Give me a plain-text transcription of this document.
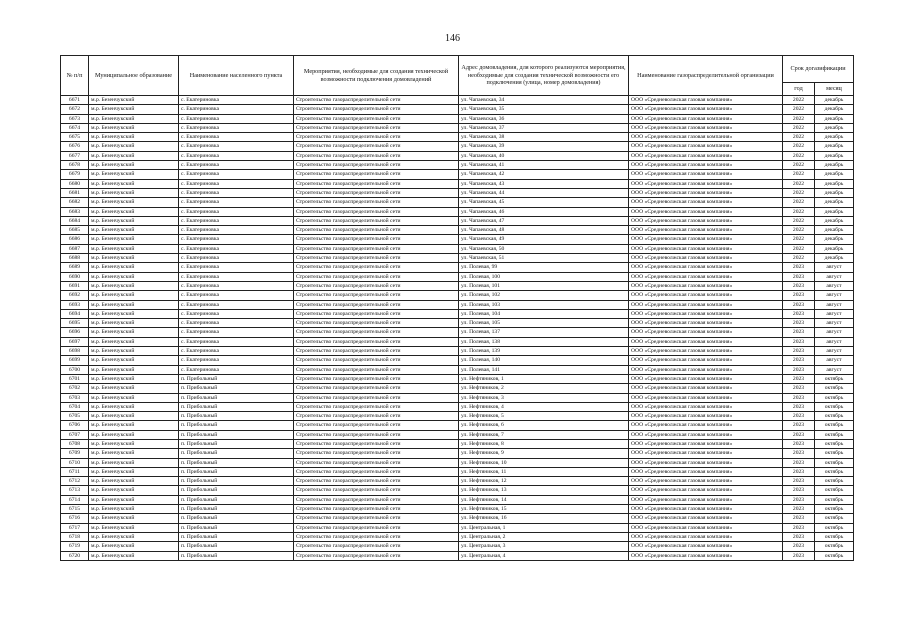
146
№ п/п	Муниципальное образование	Наименование населенного пункта	Мероприятия, необходимые для создания технической возможности подключения домовладений	Адрес домовладения, для которого реализуются мероприятия, необходимые для создания технической возможности его подключения (улица, номер домовладения)	Наименование газораспределительной организации	Срок догазификации	
						год	месяц
6671	м.р. Безенчукский	с. Екатериновка	Строительство газораспределительной сети	ул. Чапаевская, 34	ООО «Средневолжская газовая компания»	2022	декабрь
6672	м.р. Безенчукский	с. Екатериновка	Строительство газораспределительной сети	ул. Чапаевская, 35	ООО «Средневолжская газовая компания»	2022	декабрь
6673	м.р. Безенчукский	с. Екатериновка	Строительство газораспределительной сети	ул. Чапаевская, 36	ООО «Средневолжская газовая компания»	2022	декабрь
6674	м.р. Безенчукский	с. Екатериновка	Строительство газораспределительной сети	ул. Чапаевская, 37	ООО «Средневолжская газовая компания»	2022	декабрь
6675	м.р. Безенчукский	с. Екатериновка	Строительство газораспределительной сети	ул. Чапаевская, 38	ООО «Средневолжская газовая компания»	2022	декабрь
6676	м.р. Безенчукский	с. Екатериновка	Строительство газораспределительной сети	ул. Чапаевская, 39	ООО «Средневолжская газовая компания»	2022	декабрь
6677	м.р. Безенчукский	с. Екатериновка	Строительство газораспределительной сети	ул. Чапаевская, 40	ООО «Средневолжская газовая компания»	2022	декабрь
6678	м.р. Безенчукский	с. Екатериновка	Строительство газораспределительной сети	ул. Чапаевская, 41	ООО «Средневолжская газовая компания»	2022	декабрь
6679	м.р. Безенчукский	с. Екатериновка	Строительство газораспределительной сети	ул. Чапаевская, 42	ООО «Средневолжская газовая компания»	2022	декабрь
6680	м.р. Безенчукский	с. Екатериновка	Строительство газораспределительной сети	ул. Чапаевская, 43	ООО «Средневолжская газовая компания»	2022	декабрь
6681	м.р. Безенчукский	с. Екатериновка	Строительство газораспределительной сети	ул. Чапаевская, 44	ООО «Средневолжская газовая компания»	2022	декабрь
6682	м.р. Безенчукский	с. Екатериновка	Строительство газораспределительной сети	ул. Чапаевская, 45	ООО «Средневолжская газовая компания»	2022	декабрь
6683	м.р. Безенчукский	с. Екатериновка	Строительство газораспределительной сети	ул. Чапаевская, 46	ООО «Средневолжская газовая компания»	2022	декабрь
6684	м.р. Безенчукский	с. Екатериновка	Строительство газораспределительной сети	ул. Чапаевская, 47	ООО «Средневолжская газовая компания»	2022	декабрь
6685	м.р. Безенчукский	с. Екатериновка	Строительство газораспределительной сети	ул. Чапаевская, 48	ООО «Средневолжская газовая компания»	2022	декабрь
6686	м.р. Безенчукский	с. Екатериновка	Строительство газораспределительной сети	ул. Чапаевская, 49	ООО «Средневолжская газовая компания»	2022	декабрь
6687	м.р. Безенчукский	с. Екатериновка	Строительство газораспределительной сети	ул. Чапаевская, 50	ООО «Средневолжская газовая компания»	2022	декабрь
6688	м.р. Безенчукский	с. Екатериновка	Строительство газораспределительной сети	ул. Чапаевская, 51	ООО «Средневолжская газовая компания»	2022	декабрь
6689	м.р. Безенчукский	с. Екатериновка	Строительство газораспределительной сети	ул. Полевая, 99	ООО «Средневолжская газовая компания»	2023	август
6690	м.р. Безенчукский	с. Екатериновка	Строительство газораспределительной сети	ул. Полевая, 100	ООО «Средневолжская газовая компания»	2023	август
6691	м.р. Безенчукский	с. Екатериновка	Строительство газораспределительной сети	ул. Полевая, 101	ООО «Средневолжская газовая компания»	2023	август
6692	м.р. Безенчукский	с. Екатериновка	Строительство газораспределительной сети	ул. Полевая, 102	ООО «Средневолжская газовая компания»	2023	август
6693	м.р. Безенчукский	с. Екатериновка	Строительство газораспределительной сети	ул. Полевая, 103	ООО «Средневолжская газовая компания»	2023	август
6694	м.р. Безенчукский	с. Екатериновка	Строительство газораспределительной сети	ул. Полевая, 104	ООО «Средневолжская газовая компания»	2023	август
6695	м.р. Безенчукский	с. Екатериновка	Строительство газораспределительной сети	ул. Полевая, 105	ООО «Средневолжская газовая компания»	2023	август
6696	м.р. Безенчукский	с. Екатериновка	Строительство газораспределительной сети	ул. Полевая, 137	ООО «Средневолжская газовая компания»	2023	август
6697	м.р. Безенчукский	с. Екатериновка	Строительство газораспределительной сети	ул. Полевая, 138	ООО «Средневолжская газовая компания»	2023	август
6698	м.р. Безенчукский	с. Екатериновка	Строительство газораспределительной сети	ул. Полевая, 139	ООО «Средневолжская газовая компания»	2023	август
6699	м.р. Безенчукский	с. Екатериновка	Строительство газораспределительной сети	ул. Полевая, 140	ООО «Средневолжская газовая компания»	2023	август
6700	м.р. Безенчукский	с. Екатериновка	Строительство газораспределительной сети	ул. Полевая, 141	ООО «Средневолжская газовая компания»	2023	август
6701	м.р. Безенчукский	п. Прибольный	Строительство газораспределительной сети	ул. Нефтяников, 1	ООО «Средневолжская газовая компания»	2023	октябрь
6702	м.р. Безенчукский	п. Прибольный	Строительство газораспределительной сети	ул. Нефтяников, 2	ООО «Средневолжская газовая компания»	2023	октябрь
6703	м.р. Безенчукский	п. Прибольный	Строительство газораспределительной сети	ул. Нефтяников, 3	ООО «Средневолжская газовая компания»	2023	октябрь
6704	м.р. Безенчукский	п. Прибольный	Строительство газораспределительной сети	ул. Нефтяников, 4	ООО «Средневолжская газовая компания»	2023	октябрь
6705	м.р. Безенчукский	п. Прибольный	Строительство газораспределительной сети	ул. Нефтяников, 5	ООО «Средневолжская газовая компания»	2023	октябрь
6706	м.р. Безенчукский	п. Прибольный	Строительство газораспределительной сети	ул. Нефтяников, 6	ООО «Средневолжская газовая компания»	2023	октябрь
6707	м.р. Безенчукский	п. Прибольный	Строительство газораспределительной сети	ул. Нефтяников, 7	ООО «Средневолжская газовая компания»	2023	октябрь
6708	м.р. Безенчукский	п. Прибольный	Строительство газораспределительной сети	ул. Нефтяников, 8	ООО «Средневолжская газовая компания»	2023	октябрь
6709	м.р. Безенчукский	п. Прибольный	Строительство газораспределительной сети	ул. Нефтяников, 9	ООО «Средневолжская газовая компания»	2023	октябрь
6710	м.р. Безенчукский	п. Прибольный	Строительство газораспределительной сети	ул. Нефтяников, 10	ООО «Средневолжская газовая компания»	2023	октябрь
6711	м.р. Безенчукский	п. Прибольный	Строительство газораспределительной сети	ул. Нефтяников, 11	ООО «Средневолжская газовая компания»	2023	октябрь
6712	м.р. Безенчукский	п. Прибольный	Строительство газораспределительной сети	ул. Нефтяников, 12	ООО «Средневолжская газовая компания»	2023	октябрь
6713	м.р. Безенчукский	п. Прибольный	Строительство газораспределительной сети	ул. Нефтяников, 13	ООО «Средневолжская газовая компания»	2023	октябрь
6714	м.р. Безенчукский	п. Прибольный	Строительство газораспределительной сети	ул. Нефтяников, 14	ООО «Средневолжская газовая компания»	2023	октябрь
6715	м.р. Безенчукский	п. Прибольный	Строительство газораспределительной сети	ул. Нефтяников, 15	ООО «Средневолжская газовая компания»	2023	октябрь
6716	м.р. Безенчукский	п. Прибольный	Строительство газораспределительной сети	ул. Нефтяников, 16	ООО «Средневолжская газовая компания»	2023	октябрь
6717	м.р. Безенчукский	п. Прибольный	Строительство газораспределительной сети	ул. Центральная, 1	ООО «Средневолжская газовая компания»	2023	октябрь
6718	м.р. Безенчукский	п. Прибольный	Строительство газораспределительной сети	ул. Центральная, 2	ООО «Средневолжская газовая компания»	2023	октябрь
6719	м.р. Безенчукский	п. Прибольный	Строительство газораспределительной сети	ул. Центральная, 3	ООО «Средневолжская газовая компания»	2023	октябрь
6720	м.р. Безенчукский	п. Прибольный	Строительство газораспределительной сети	ул. Центральная, 4	ООО «Средневолжская газовая компания»	2023	октябрь
